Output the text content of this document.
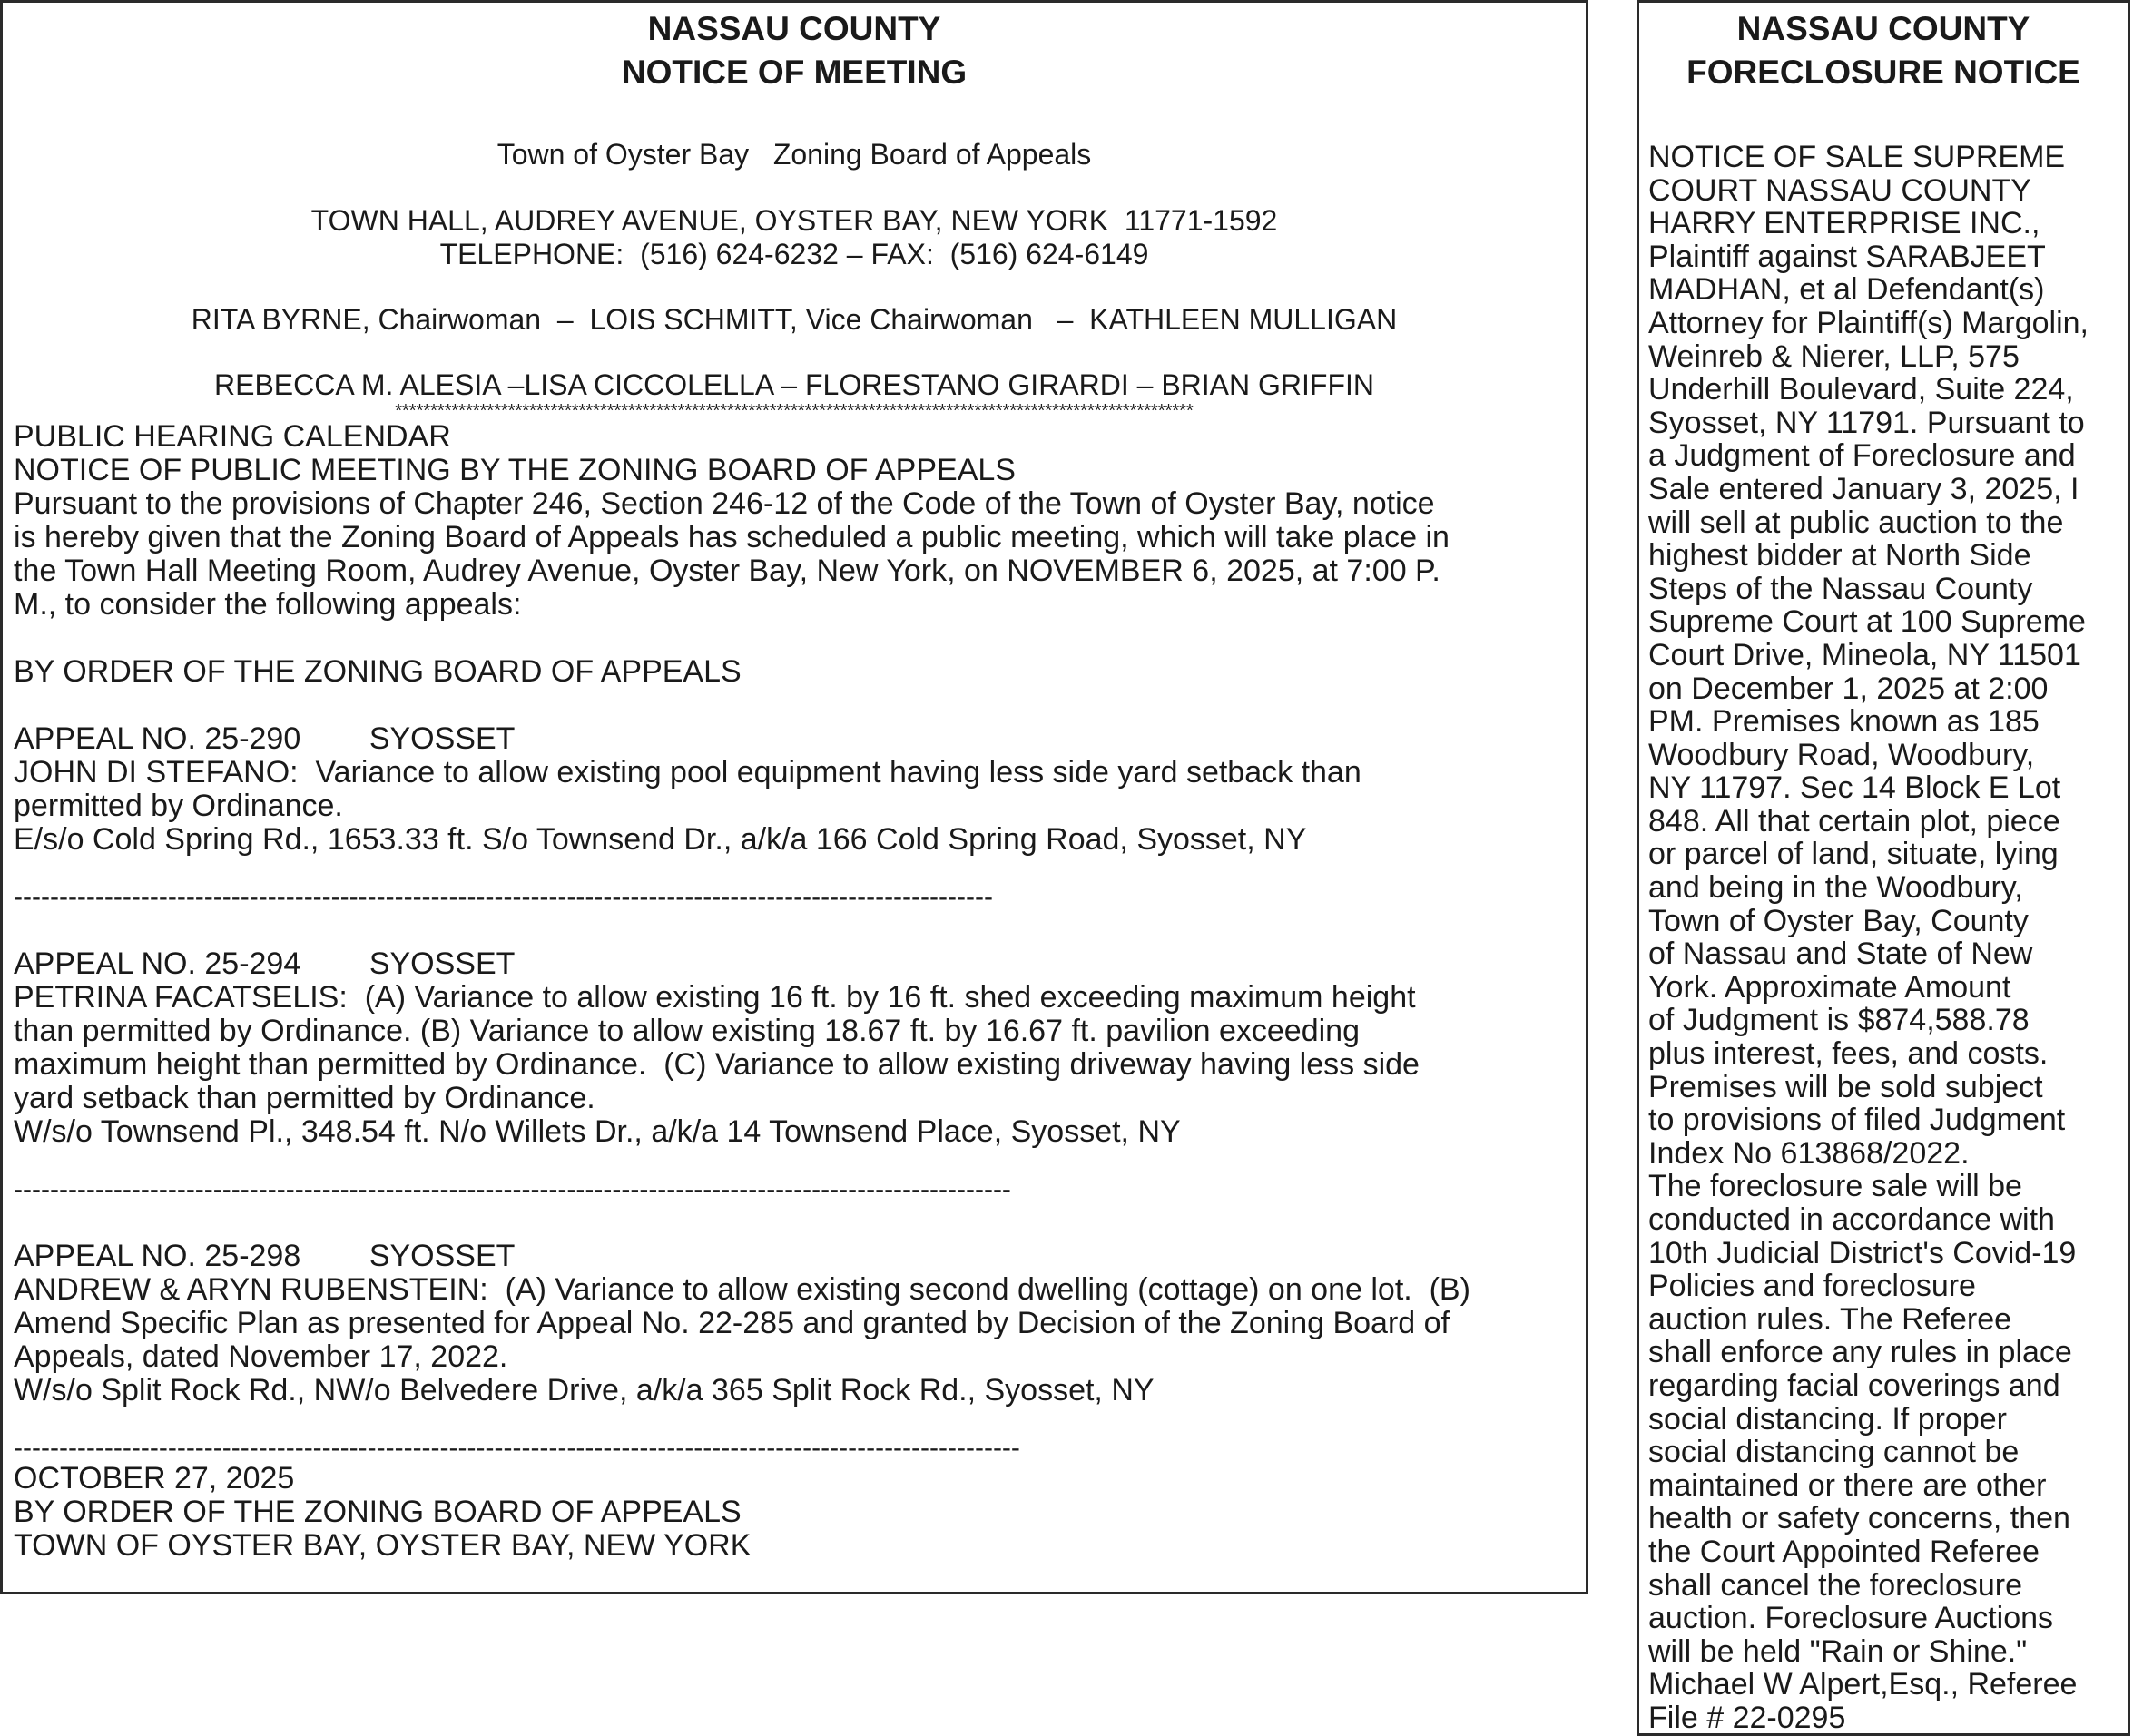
NASSAU COUNTY

NOTICE OF MEETING

Town of Oyster Bay   Zoning Board of Appeals

TOWN HALL, AUDREY AVENUE, OYSTER BAY, NEW YORK  11771-1592

TELEPHONE:  (516) 624-6232 – FAX:  (516) 624-6149

RITA BYRNE, Chairwoman  –  LOIS SCHMITT, Vice Chairwoman   –  KATHLEEN MULLIGAN

REBECCA M. ALESIA –LISA CICCOLELLA – FLORESTANO GIRARDI – BRIAN GRIFFIN

*****************************************************************************************************************

PUBLIC HEARING CALENDAR

NOTICE OF PUBLIC MEETING BY THE ZONING BOARD OF APPEALS

Pursuant to the provisions of Chapter 246, Section 246-12 of the Code of the Town of Oyster Bay, notice

is hereby given that the Zoning Board of Appeals has scheduled a public meeting, which will take place in

the Town Hall Meeting Room, Audrey Avenue, Oyster Bay, New York, on NOVEMBER 6, 2025, at 7:00 P.

M., to consider the following appeals:

BY ORDER OF THE ZONING BOARD OF APPEALS

APPEAL NO. 25-290        SYOSSET

JOHN DI STEFANO:  Variance to allow existing pool equipment having less side yard setback than

permitted by Ordinance.

E/s/o Cold Spring Rd., 1653.33 ft. S/o Townsend Dr., a/k/a 166 Cold Spring Road, Syosset, NY

------------------------------------------------------------------------------------------------------------

APPEAL NO. 25-294        SYOSSET

PETRINA FACATSELIS:  (A) Variance to allow existing 16 ft. by 16 ft. shed exceeding maximum height

than permitted by Ordinance. (B) Variance to allow existing 18.67 ft. by 16.67 ft. pavilion exceeding

maximum height than permitted by Ordinance.  (C) Variance to allow existing driveway having less side

yard setback than permitted by Ordinance.

W/s/o Townsend Pl., 348.54 ft. N/o Willets Dr., a/k/a 14 Townsend Place, Syosset, NY

--------------------------------------------------------------------------------------------------------------

APPEAL NO. 25-298        SYOSSET

ANDREW & ARYN RUBENSTEIN:  (A) Variance to allow existing second dwelling (cottage) on one lot.  (B)

Amend Specific Plan as presented for Appeal No. 22-285 and granted by Decision of the Zoning Board of

Appeals, dated November 17, 2022.

W/s/o Split Rock Rd., NW/o Belvedere Drive, a/k/a 365 Split Rock Rd., Syosset, NY

---------------------------------------------------------------------------------------------------------------

OCTOBER 27, 2025

BY ORDER OF THE ZONING BOARD OF APPEALS

TOWN OF OYSTER BAY, OYSTER BAY, NEW YORK

NASSAU COUNTY

FORECLOSURE NOTICE

NOTICE OF SALE SUPREME

COURT NASSAU COUNTY

HARRY ENTERPRISE INC.,

Plaintiff against SARABJEET

MADHAN, et al Defendant(s)

Attorney for Plaintiff(s) Margolin,

Weinreb & Nierer, LLP, 575

Underhill Boulevard, Suite 224,

Syosset, NY 11791. Pursuant to

a Judgment of Foreclosure and

Sale entered January 3, 2025, I

will sell at public auction to the

highest bidder at North Side

Steps of the Nassau County

Supreme Court at 100 Supreme

Court Drive, Mineola, NY 11501

on December 1, 2025 at 2:00

PM. Premises known as 185

Woodbury Road, Woodbury,

NY 11797. Sec 14 Block E Lot

848. All that certain plot, piece

or parcel of land, situate, lying

and being in the Woodbury,

Town of Oyster Bay, County

of Nassau and State of New

York. Approximate Amount

of Judgment is $874,588.78

plus interest, fees, and costs.

Premises will be sold subject

to provisions of filed Judgment

Index No 613868/2022.

The foreclosure sale will be

conducted in accordance with

10th Judicial District's Covid-19

Policies and foreclosure

auction rules. The Referee

shall enforce any rules in place

regarding facial coverings and

social distancing. If proper

social distancing cannot be

maintained or there are other

health or safety concerns, then

the Court Appointed Referee

shall cancel the foreclosure

auction. Foreclosure Auctions

will be held "Rain or Shine."

Michael W Alpert,Esq., Referee

File # 22-0295
